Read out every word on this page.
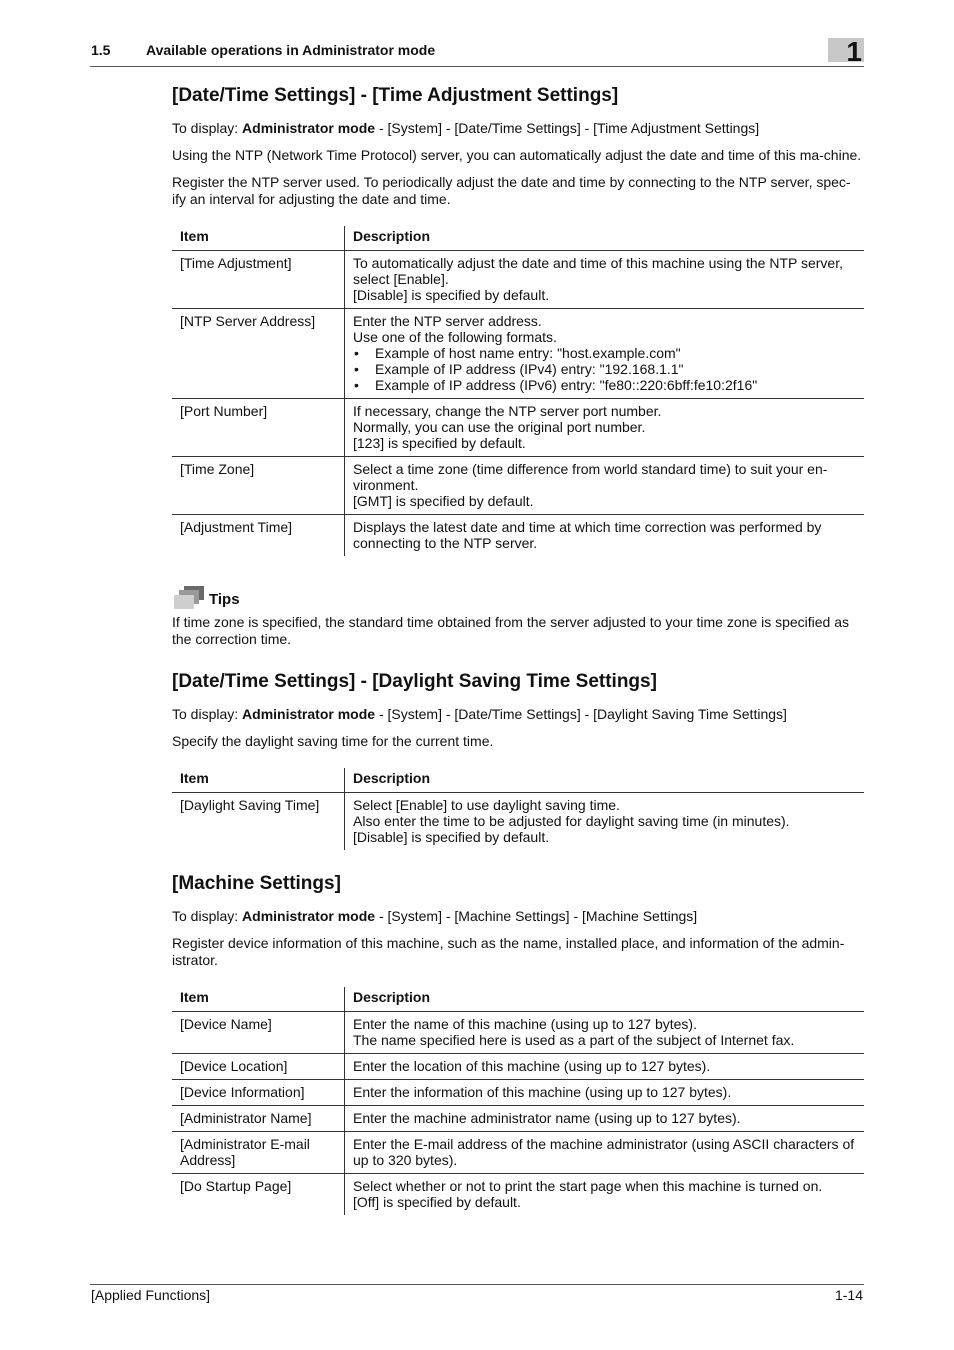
1.5	Available operations in Administrator mode	1
[Date/Time Settings] - [Time Adjustment Settings]

To display: Administrator mode - [System] - [Date/Time Settings] - [Time Adjustment Settings]

Using the NTP (Network Time Protocol) server, you can automatically adjust the date and time of this ma-chine.

Register the NTP server used. To periodically adjust the date and time by connecting to the NTP server, spec-ify an interval for adjusting the date and time.

Item	Description
[Time Adjustment]	To automatically adjust the date and time of this machine using the NTP server, select [Enable].
[Disable] is specified by default.

[NTP Server Address]	Enter the NTP server address.
Use one of the following formats.
• Example of host name entry: "host.example.com"
• Example of IP address (IPv4) entry: "192.168.1.1"
• Example of IP address (IPv6) entry: "fe80::220:6bff:fe10:2f16"

[Port Number]	If necessary, change the NTP server port number.
Normally, you can use the original port number.
[123] is specified by default.

[Time Zone]	Select a time zone (time difference from world standard time) to suit your en-vironment.
[GMT] is specified by default.

[Adjustment Time]	Displays the latest date and time at which time correction was performed by connecting to the NTP server.
Tips

If time zone is specified, the standard time obtained from the server adjusted to your time zone is specified as the correction time.

[Date/Time Settings] - [Daylight Saving Time Settings]

To display: Administrator mode - [System] - [Date/Time Settings] - [Daylight Saving Time Settings]

Specify the daylight saving time for the current time.

Item	Description
[Daylight Saving Time]	Select [Enable] to use daylight saving time.
Also enter the time to be adjusted for daylight saving time (in minutes).
[Disable] is specified by default.
[Machine Settings]

To display: Administrator mode - [System] - [Machine Settings] - [Machine Settings]

Register device information of this machine, such as the name, installed place, and information of the admin-istrator.

Item	Description
[Device Name]	Enter the name of this machine (using up to 127 bytes).
The name specified here is used as a part of the subject of Internet fax.

[Device Location]	Enter the location of this machine (using up to 127 bytes).

[Device Information]	Enter the information of this machine (using up to 127 bytes).

[Administrator Name]	Enter the machine administrator name (using up to 127 bytes).

[Administrator E-mail Address]	Enter the E-mail address of the machine administrator (using ASCII characters of up to 320 bytes).

[Do Startup Page]	Select whether or not to print the start page when this machine is turned on.
[Off] is specified by default.
[Applied Functions]	1-14
